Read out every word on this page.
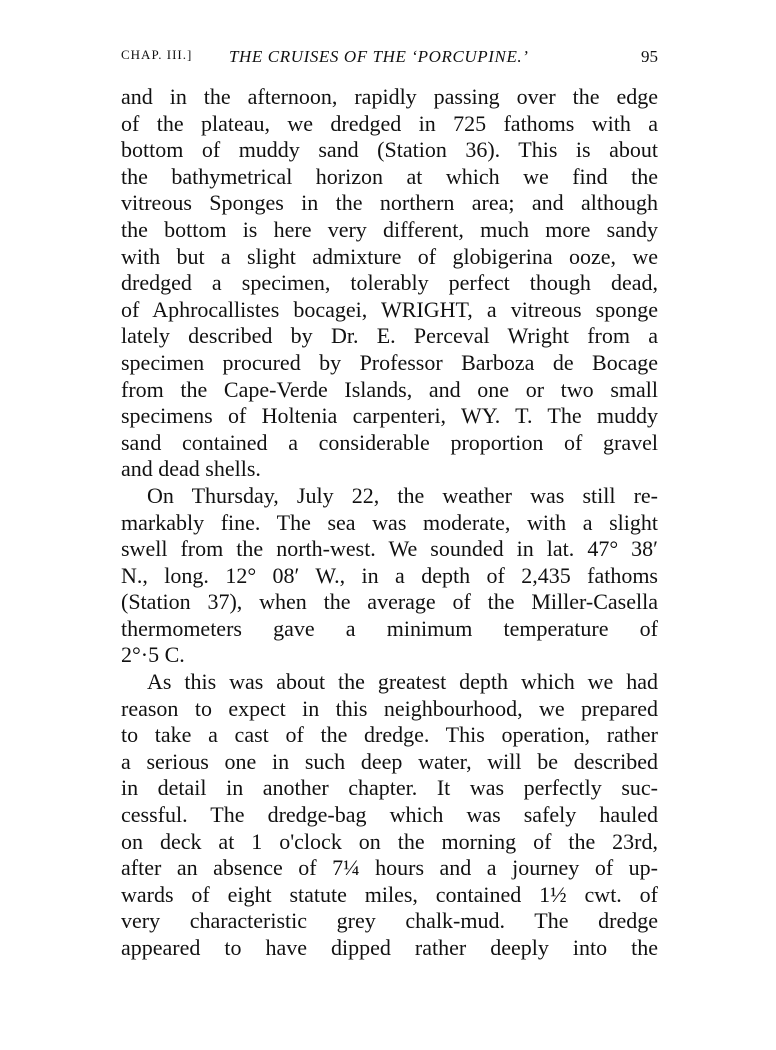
CHAP. III.] THE CRUISES OF THE ‘PORCUPINE.’	95
and in the afternoon, rapidly passing over the edge
of the plateau, we dredged in 725 fathoms with a
bottom of muddy sand (Station 36). This is about
the bathymetrical horizon at which we find the
vitreous Sponges in the northern area; and although
the bottom is here very different, much more sandy
with but a slight admixture of globigerina ooze, we
dredged a specimen, tolerably perfect though dead,
of Aphrocallistes bocagei, WRIGHT, a vitreous sponge
lately described by Dr. E. Perceval Wright from a
specimen procured by Professor Barboza de Bocage
from the Cape-Verde Islands, and one or two small
specimens of Holtenia carpenteri, WY. T. The muddy
sand contained a considerable proportion of gravel
and dead shells.
On Thursday, July 22, the weather was still re-
markably fine. The sea was moderate, with a slight
swell from the north-west. We sounded in lat. 47° 38′
N., long. 12° 08′ W., in a depth of 2,435 fathoms
(Station 37), when the average of the Miller-Casella
thermometers gave a minimum temperature of
2°·5 C.
As this was about the greatest depth which we had
reason to expect in this neighbourhood, we prepared
to take a cast of the dredge. This operation, rather
a serious one in such deep water, will be described
in detail in another chapter. It was perfectly suc-
cessful. The dredge-bag which was safely hauled
on deck at 1 o'clock on the morning of the 23rd,
after an absence of 7¼ hours and a journey of up-
wards of eight statute miles, contained 1½ cwt. of
very characteristic grey chalk-mud. The dredge
appeared to have dipped rather deeply into the
